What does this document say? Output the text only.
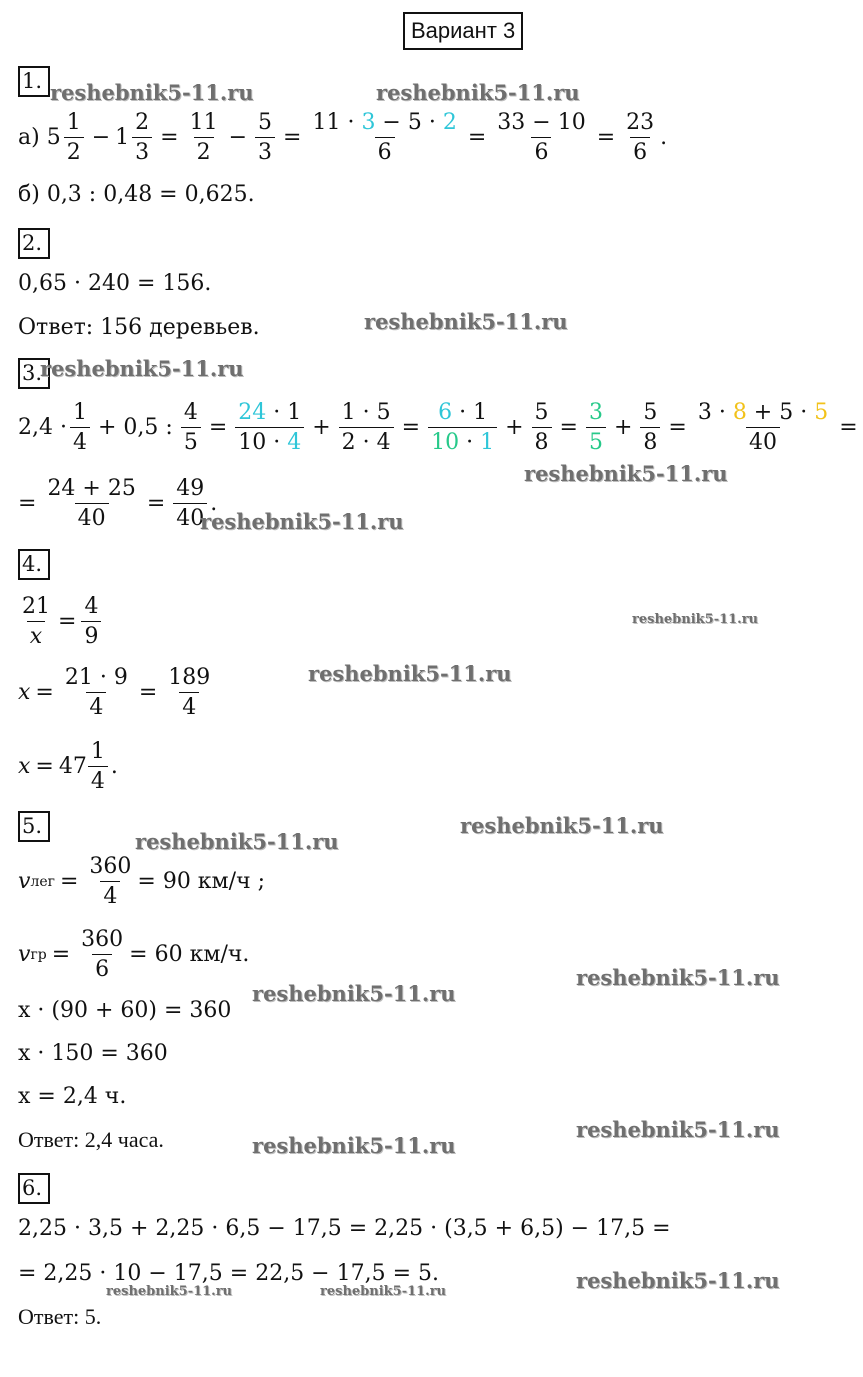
Вариант 3
1.
а)
$5 \frac{1}{2} - 1 \frac{2}{3} = \frac{11}{2} - \frac{5}{3} = \frac{11 \cdot 3 - 5 \cdot 2}{6} = \frac{33 - 10}{6} = \frac{23}{6}$ .
б) 0,3 : 0,48 = 0,625.
2.
0,65 · 240 = 156.
Ответ: 156 деревьев.
3.
$2,4 \cdot \frac{1}{4} + 0,5$ : $\frac{4}{5} = \frac{24 \cdot 1}{10 \cdot 4} + \frac{1 \cdot 5}{2 \cdot 4} = \frac{6 \cdot 1}{10 \cdot 1} + \frac{5}{8} = \frac{3}{5} + \frac{5}{8} = \frac{3 \cdot 8 + 5 \cdot 5}{40}$ =
= $\frac{24 + 25}{40} = \frac{49}{40}$ .
4.
$\frac{21}{x} = \frac{4}{9}$
$x = \frac{21 \cdot 9}{4} = \frac{189}{4}$
$x = 47 \frac{1}{4}$ .
5.
v лег = $\frac{360}{4} = 90$ км/ч ;
v гр = $\frac{360}{6} = 60$ км/ч.
x · (90 + 60) = 360
x · 150 = 360
x = 2,4 ч.
Ответ: 2,4 часа.
6.
2,25 · 3,5 + 2,25 · 6,5 − 17,5 = 2,25 · (3,5 + 6,5) − 17,5 =
= 2,25 · 10 − 17,5 = 22,5 − 17,5 = 5.
Ответ: 5.
reshebnik5-11.ru	reshebnik5-11.ru
reshebnik5-11.ru
reshebnik5-11.ru
reshebnik5-11.ru
reshebnik5-11.ru
reshebnik5-11.ru
reshebnik5-11.ru
reshebnik5-11.ru
reshebnik5-11.ru
reshebnik5-11.ru
reshebnik5-11.ru
reshebnik5-11.ru
reshebnik5-11.ru
reshebnik5-11.ru
reshebnik5-11.ru	reshebnik5-11.ru
